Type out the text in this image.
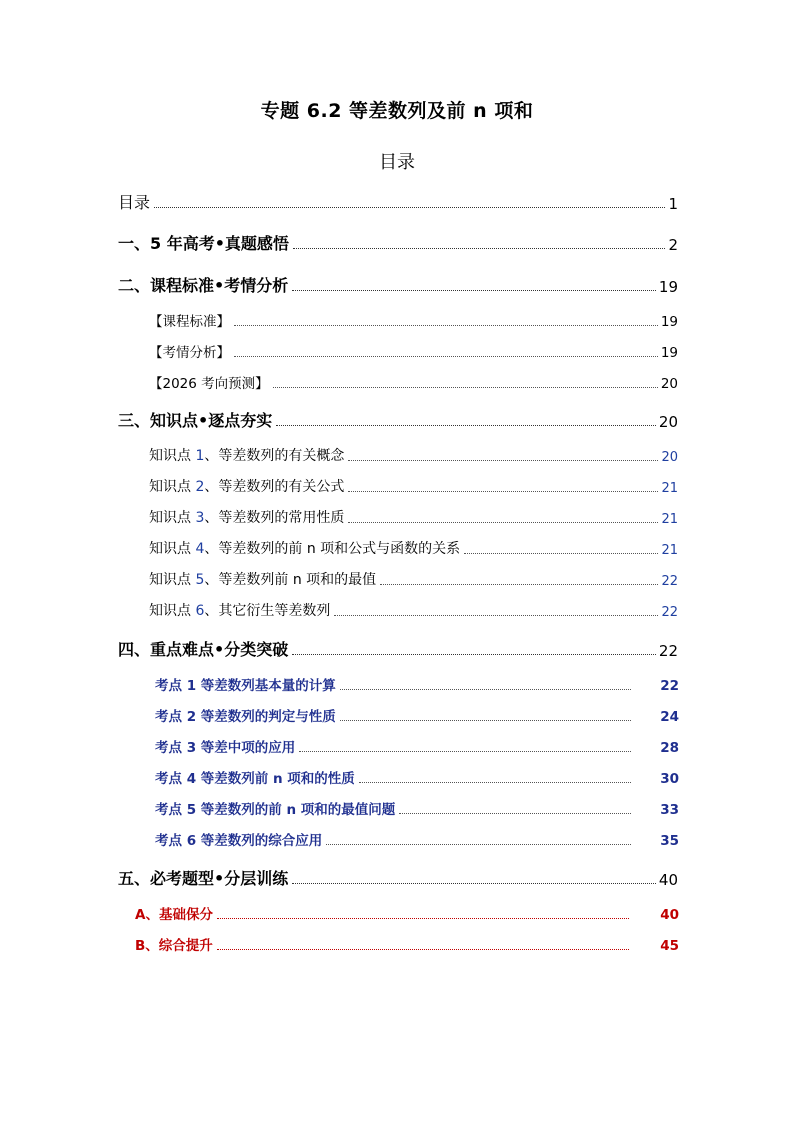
专题 6.2 等差数列及前 n 项和
目录
目录	1
一、5 年高考•真题感悟	2
二、课程标准•考情分析	19
【课程标准】	19
【考情分析】	19
【2026 考向预测】	20
三、知识点•逐点夯实	20
知识点 1、等差数列的有关概念	20
知识点 2、等差数列的有关公式	21
知识点 3、等差数列的常用性质	21
知识点 4、等差数列的前 n 项和公式与函数的关系	21
知识点 5、等差数列前 n 项和的最值	22
知识点 6、其它衍生等差数列	22
四、重点难点•分类突破	22
考点 1 等差数列基本量的计算	22
考点 2 等差数列的判定与性质	24
考点 3 等差中项的应用	28
考点 4 等差数列前 n 项和的性质	30
考点 5 等差数列的前 n 项和的最值问题	33
考点 6 等差数列的综合应用	35
五、必考题型•分层训练	40
A、基础保分	40
B、综合提升	45
